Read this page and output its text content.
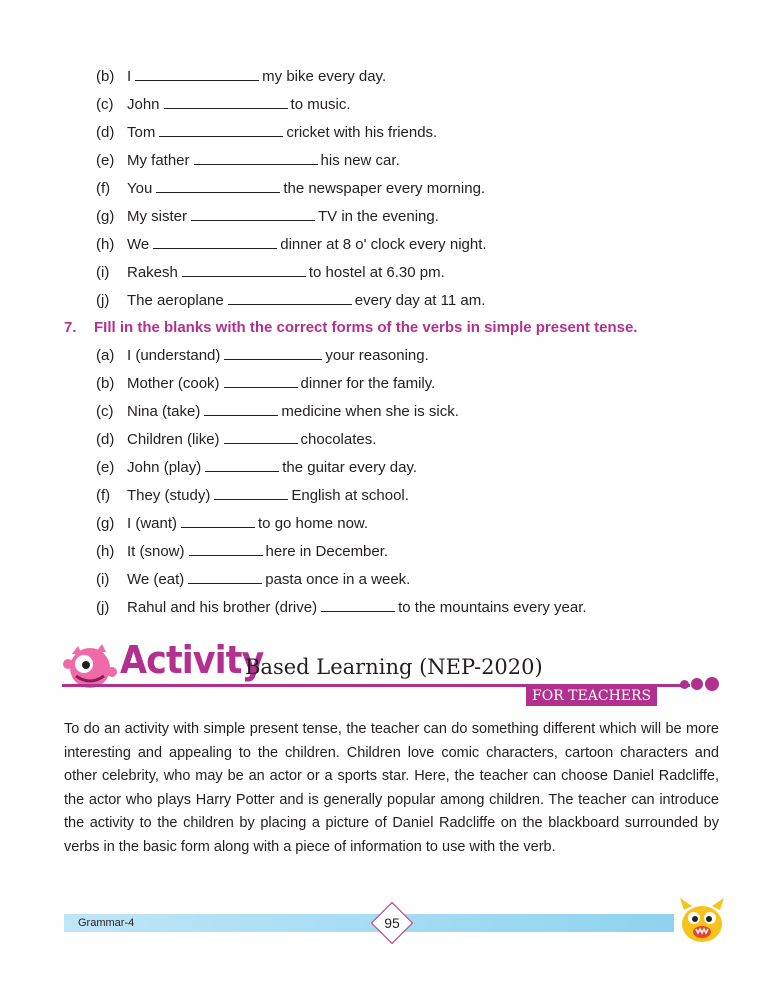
(b) I	my bike every day.
(c) John	to music.
(d) Tom	cricket with his friends.
(e) My father	his new car.
(f)	You	the newspaper every morning.
(g) My sister	TV in the evening.
(h) We	dinner at 8 o' clock every night.
(i)	Rakesh	to hostel at 6.30 pm.
(j)	The aeroplane	every day at 11 am.
7. FIll in the blanks with the correct forms of the verbs in simple present tense.
(a) I (understand)	your reasoning.
(b) Mother (cook)	dinner for the family.
(c) Nina (take)	medicine when she is sick.
(d) Children (like)	chocolates.
(e) John (play)	the guitar every day.
(f)	They (study)	English at school.
(g) I (want)	to go home now.
(h) It (snow)	here in December.
(i)	We (eat)	pasta once in a week.
(j)	Rahul and his brother (drive)	to the mountains every year.
Activity
Based Learning (NEP-2020)
FOR TEACHERS

To do an activity with simple present tense, the teacher can do something different which will be more interesting and appealing to the children. Children love comic characters, cartoon characters and other celebrity, who may be an actor or a sports star. Here, the teacher can choose Daniel Radcliffe, the actor who plays Harry Potter and is generally popular among children. The teacher can introduce the activity to the children by placing a picture of Daniel Radcliffe on the blackboard surrounded by verbs in the basic form along with a piece of information to use with the verb.

Grammar-4	95
